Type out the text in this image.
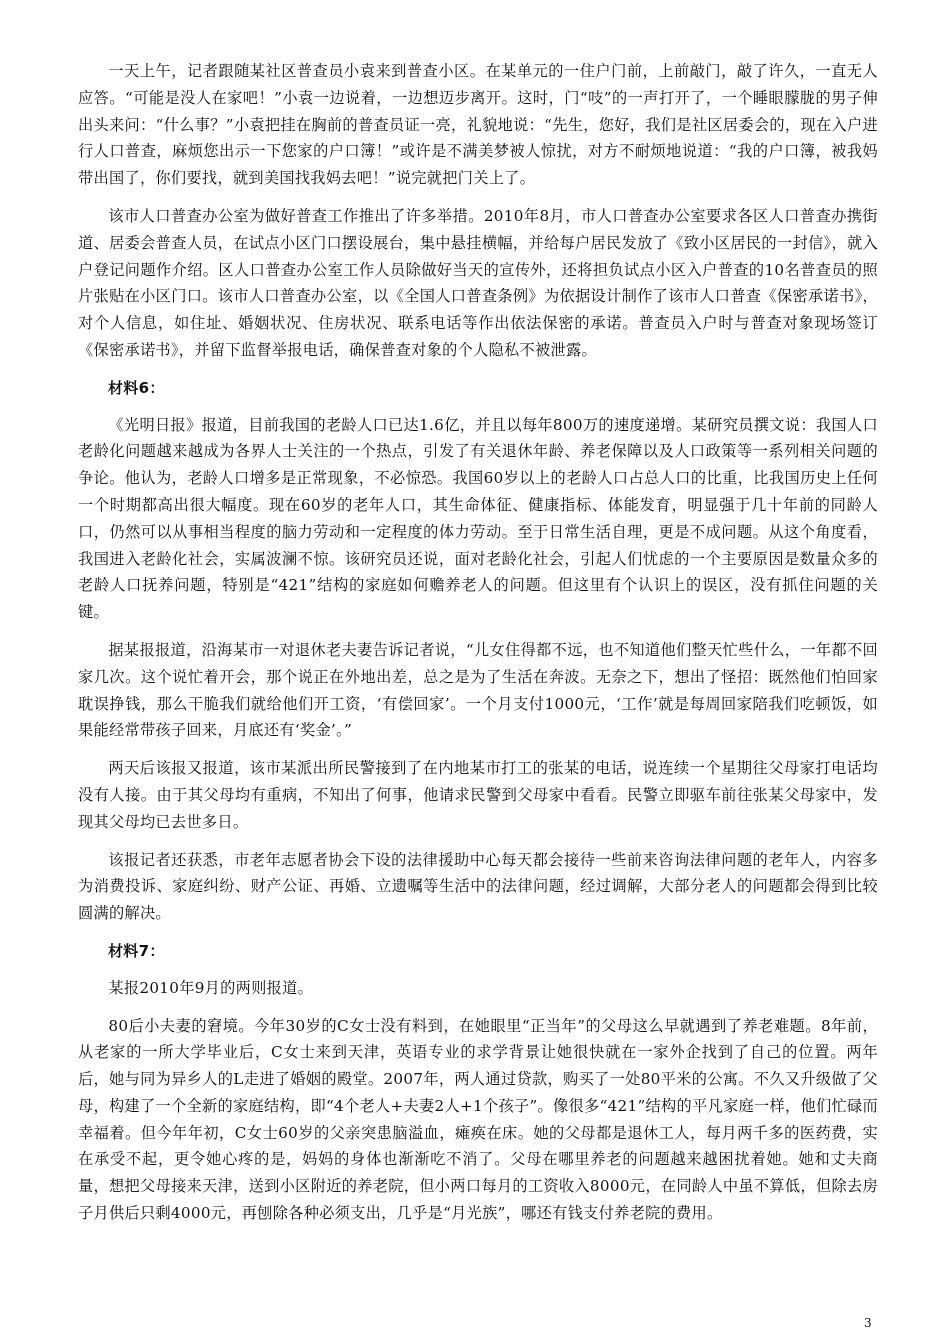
一天上午，记者跟随某社区普查员小袁来到普查小区。在某单元的一住户门前，上前敲门，敲了许久，一直无人应答。“可能是没人在家吧！”小袁一边说着，一边想迈步离开。这时，门“吱”的一声打开了，一个睡眼朦胧的男子伸出头来问：“什么事？”小袁把挂在胸前的普查员证一亮，礼貌地说：“先生，您好，我们是社区居委会的，现在入户进行人口普查，麻烦您出示一下您家的户口簿！”或许是不满美梦被人惊扰，对方不耐烦地说道：“我的户口簿，被我妈带出国了，你们要找，就到美国找我妈去吧！”说完就把门关上了。

该市人口普查办公室为做好普查工作推出了许多举措。2010年8月，市人口普查办公室要求各区人口普查办携街道、居委会普查人员，在试点小区门口摆设展台，集中悬挂横幅，并给每户居民发放了《致小区居民的一封信》，就入户登记问题作介绍。区人口普查办公室工作人员除做好当天的宣传外，还将担负试点小区入户普查的10名普查员的照片张贴在小区门口。该市人口普查办公室，以《全国人口普查条例》为依据设计制作了该市人口普查《保密承诺书》，对个人信息，如住址、婚姻状况、住房状况、联系电话等作出依法保密的承诺。普查员入户时与普查对象现场签订《保密承诺书》，并留下监督举报电话，确保普查对象的个人隐私不被泄露。

材料6：

《光明日报》报道，目前我国的老龄人口已达1.6亿，并且以每年800万的速度递增。某研究员撰文说：我国人口老龄化问题越来越成为各界人士关注的一个热点，引发了有关退休年龄、养老保障以及人口政策等一系列相关问题的争论。他认为，老龄人口增多是正常现象，不必惊恐。我国60岁以上的老龄人口占总人口的比重，比我国历史上任何一个时期都高出很大幅度。现在60岁的老年人口，其生命体征、健康指标、体能发育，明显强于几十年前的同龄人口，仍然可以从事相当程度的脑力劳动和一定程度的体力劳动。至于日常生活自理，更是不成问题。从这个角度看，我国进入老龄化社会，实属波澜不惊。该研究员还说，面对老龄化社会，引起人们忧虑的一个主要原因是数量众多的老龄人口抚养问题，特别是“421”结构的家庭如何赡养老人的问题。但这里有个认识上的误区，没有抓住问题的关键。

据某报报道，沿海某市一对退休老夫妻告诉记者说，“儿女住得都不远，也不知道他们整天忙些什么，一年都不回家几次。这个说忙着开会，那个说正在外地出差，总之是为了生活在奔波。无奈之下，想出了怪招：既然他们怕回家耽误挣钱，那么干脆我们就给他们开工资，‘有偿回家’。一个月支付1000元，‘工作’就是每周回家陪我们吃顿饭，如果能经常带孩子回来，月底还有‘奖金’。”

两天后该报又报道，该市某派出所民警接到了在内地某市打工的张某的电话，说连续一个星期往父母家打电话均没有人接。由于其父母均有重病，不知出了何事，他请求民警到父母家中看看。民警立即驱车前往张某父母家中，发现其父母均已去世多日。

该报记者还获悉，市老年志愿者协会下设的法律援助中心每天都会接待一些前来咨询法律问题的老年人，内容多为消费投诉、家庭纠纷、财产公证、再婚、立遗嘱等生活中的法律问题，经过调解，大部分老人的问题都会得到比较圆满的解决。

材料7：

某报2010年9月的两则报道。

80后小夫妻的窘境。今年30岁的C女士没有料到，在她眼里“正当年”的父母这么早就遇到了养老难题。8年前，从老家的一所大学毕业后，C女士来到天津，英语专业的求学背景让她很快就在一家外企找到了自己的位置。两年后，她与同为异乡人的L走进了婚姻的殿堂。2007年，两人通过贷款，购买了一处80平米的公寓。不久又升级做了父母，构建了一个全新的家庭结构，即“4个老人+夫妻2人+1个孩子”。像很多“421”结构的平凡家庭一样，他们忙碌而幸福着。但今年年初，C女士60岁的父亲突患脑溢血，瘫痪在床。她的父母都是退休工人，每月两千多的医药费，实在承受不起，更令她心疼的是，妈妈的身体也渐渐吃不消了。父母在哪里养老的问题越来越困扰着她。她和丈夫商量，想把父母接来天津，送到小区附近的养老院，但小两口每月的工资收入8000元，在同龄人中虽不算低，但除去房子月供后只剩4000元，再刨除各种必须支出，几乎是“月光族”，哪还有钱支付养老院的费用。

3
